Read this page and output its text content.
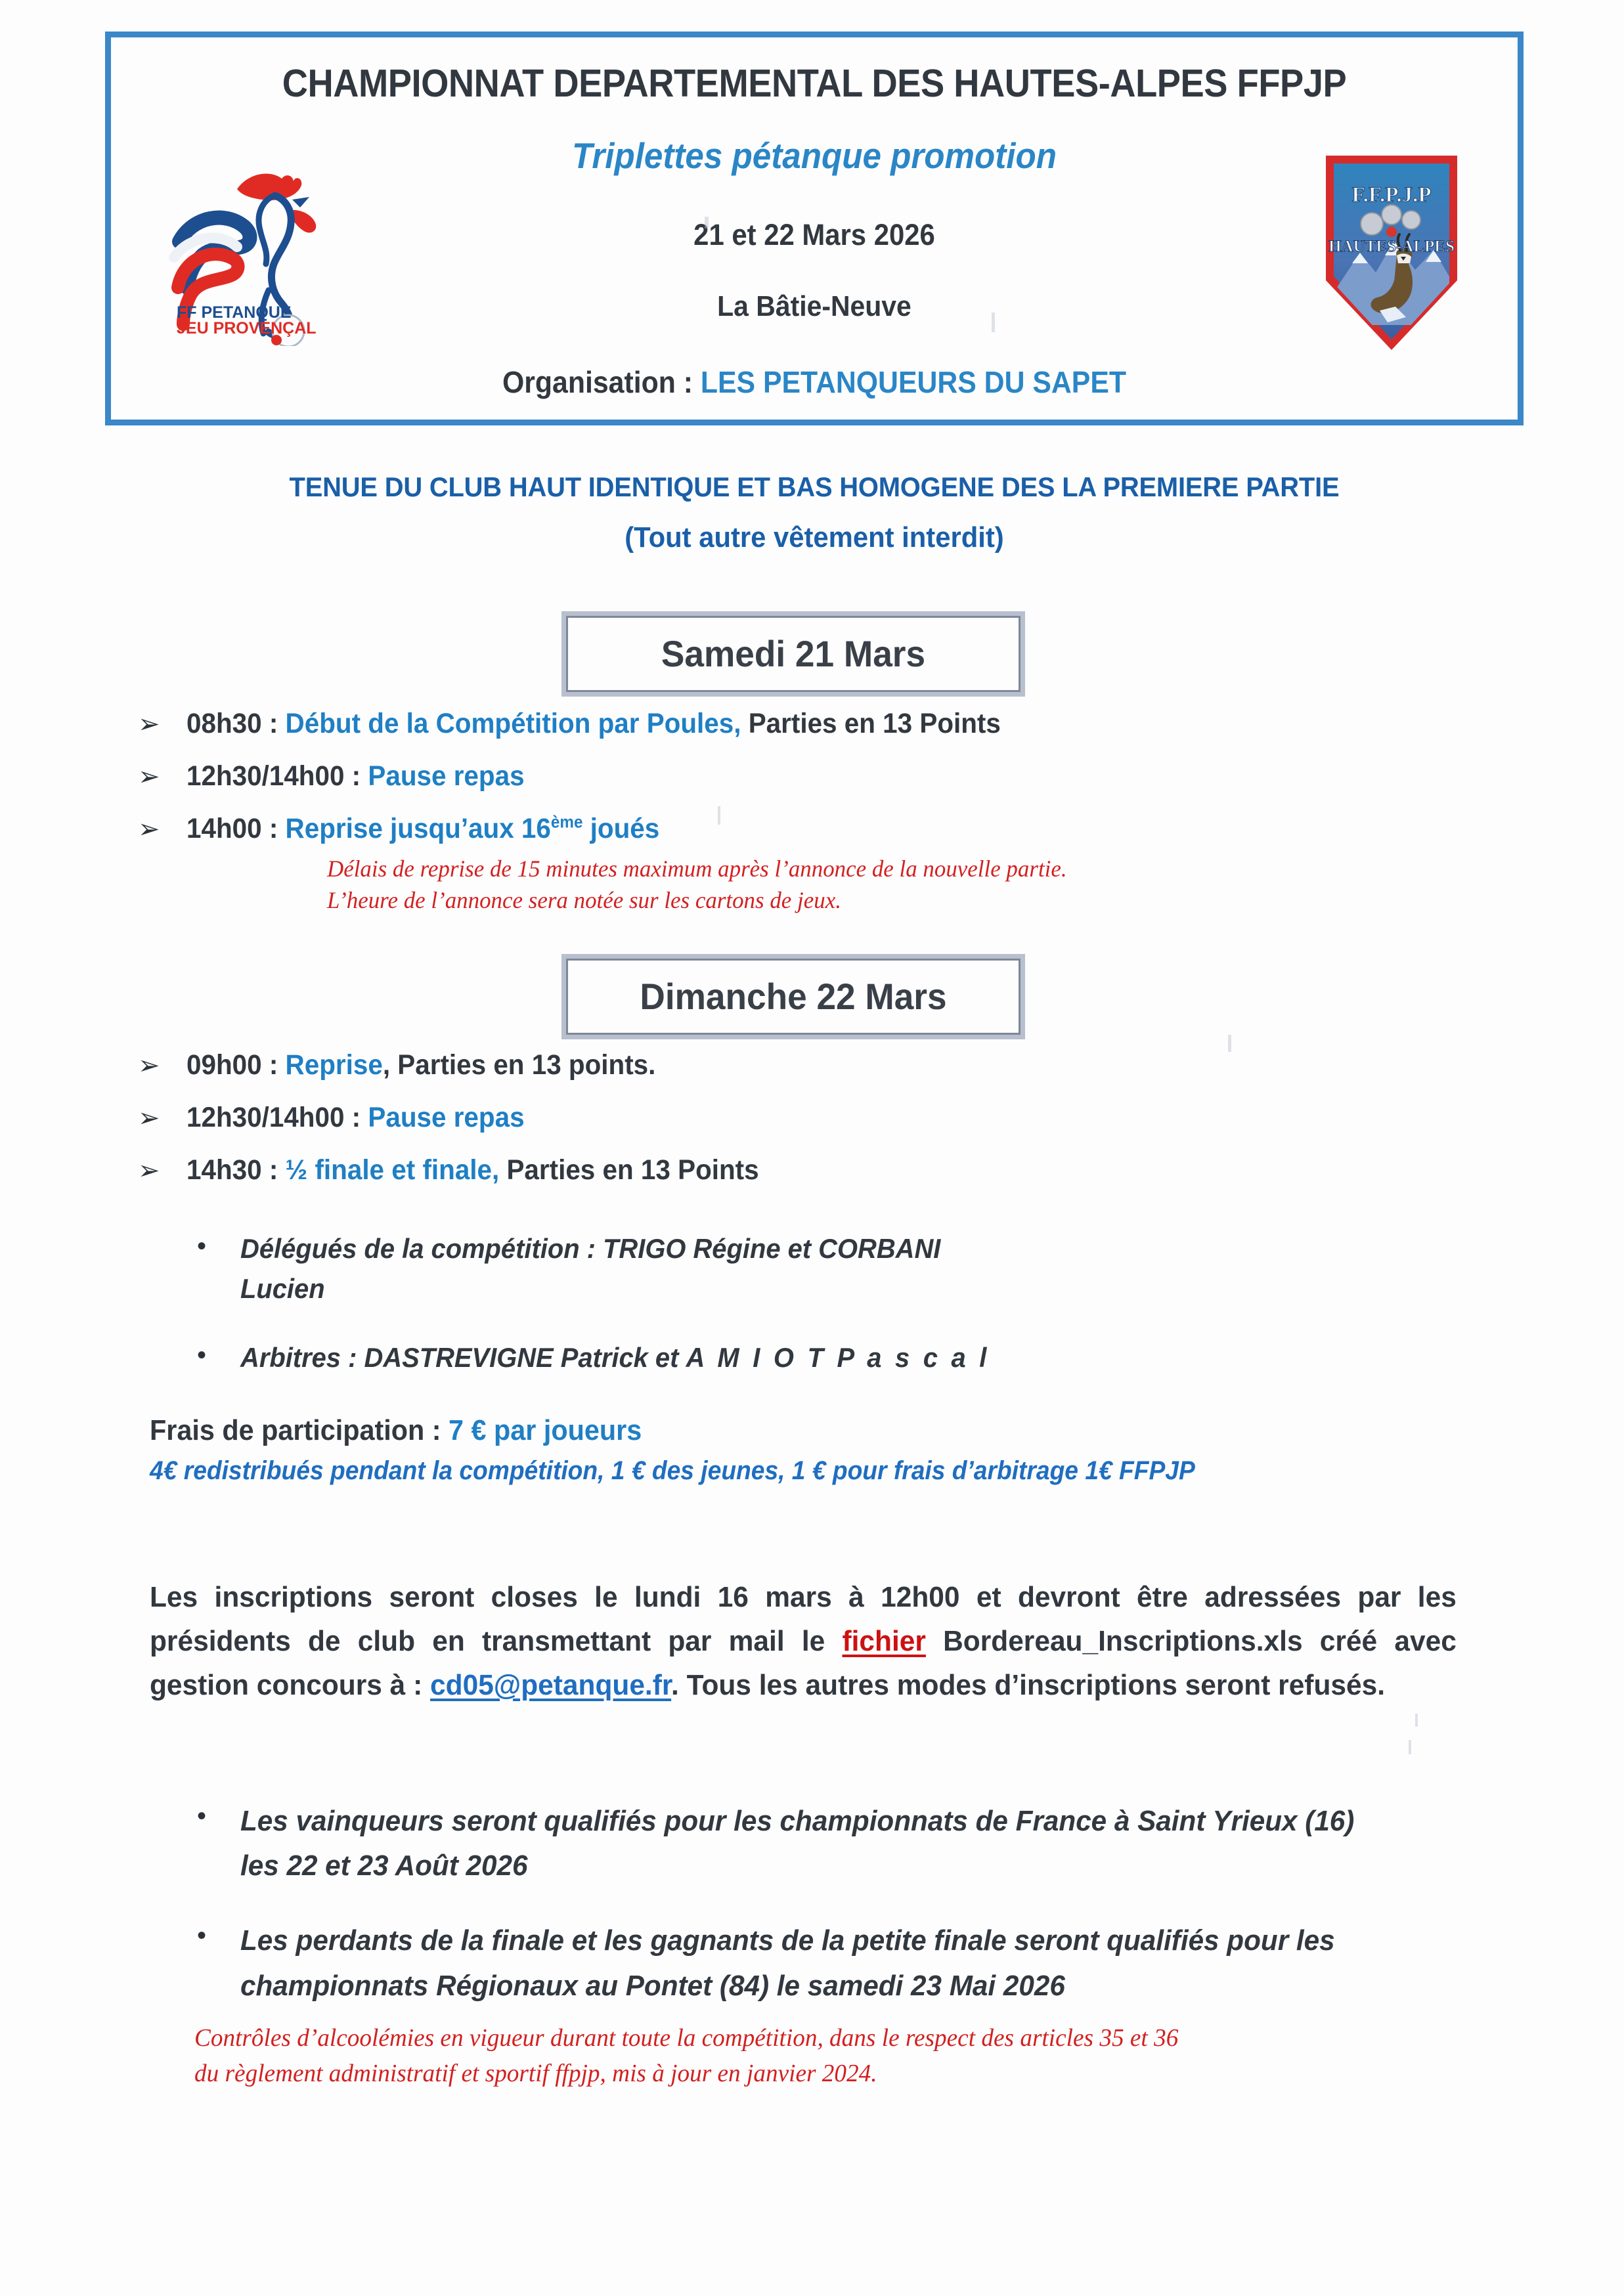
FF PETANQUE
JEU PROVENÇAL
CHAMPIONNAT DEPARTEMENTAL DES HAUTES-ALPES FFPJP
Triplettes pétanque promotion
21 et 22 Mars 2026
La Bâtie-Neuve
Organisation : LES PETANQUEURS DU SAPET
F.F.P.J.P
HAUTES-ALPES
TENUE DU CLUB HAUT IDENTIQUE ET BAS HOMOGENE DES LA PREMIERE PARTIE
(Tout autre vêtement interdit)
Samedi 21 Mars
➢ 08h30 : Début de la Compétition par Poules, Parties en 13 Points
➢ 12h30/14h00 : Pause repas
➢ 14h00 : Reprise jusqu’aux 16ème joués
Délais de reprise de 15 minutes maximum après l’annonce de la nouvelle partie.
L’heure de l’annonce sera notée sur les cartons de jeux.
Dimanche 22 Mars
➢ 09h00 : Reprise, Parties en 13 points.
➢ 12h30/14h00 : Pause repas
➢ 14h30 : ½ finale et finale, Parties en 13 Points
•	Délégués de la compétition : TRIGO Régine et CORBANI
Lucien
•	Arbitres : DASTREVIGNE Patrick et A M I O T P a s c a l
Frais de participation : 7 € par joueurs
4€ redistribués pendant la compétition, 1 € des jeunes, 1 € pour frais d’arbitrage 1€ FFPJP
Les inscriptions seront closes le lundi 16 mars à 12h00 et devront être adressées par les présidents de club en transmettant par mail le fichier Bordereau_Inscriptions.xls créé avec gestion concours à : cd05@petanque.fr. Tous les autres modes d’inscriptions seront refusés.
•	Les vainqueurs seront qualifiés pour les championnats de France à Saint Yrieux (16) les 22 et 23 Août 2026
•	Les perdants de la finale et les gagnants de la petite finale seront qualifiés pour les championnats Régionaux au Pontet (84) le samedi 23 Mai 2026
Contrôles d’alcoolémies en vigueur durant toute la compétition, dans le respect des articles 35 et 36
du règlement administratif et sportif ffpjp, mis à jour en janvier 2024.
